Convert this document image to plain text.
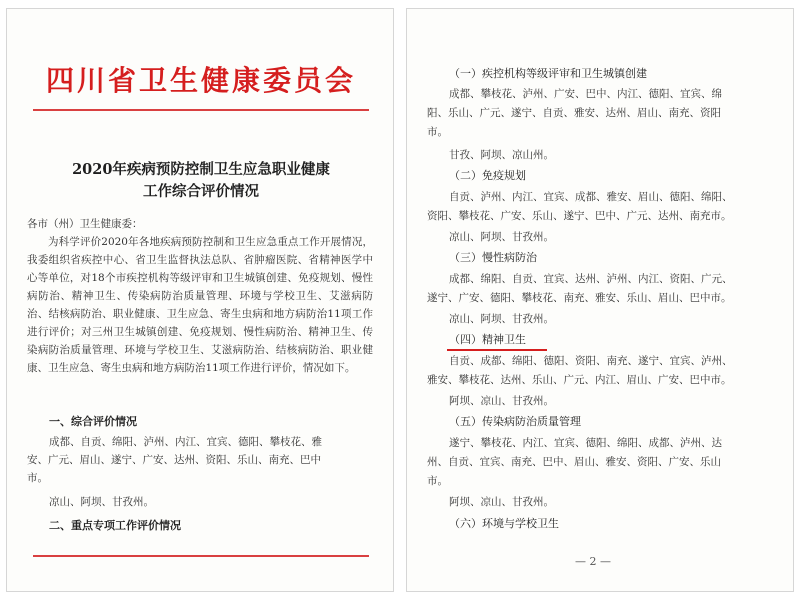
四川省卫生健康委员会
2020年疾病预防控制卫生应急职业健康
工作综合评价情况
各市（州）卫生健康委：
为科学评价2020年各地疾病预防控制和卫生应急重点工作开展情况，我委组织省疾控中心、省卫生监督执法总队、省肿瘤医院、省精神医学中心等单位，对18个市疾控机构等级评审和卫生城镇创建、免疫规划、慢性病防治、精神卫生、传染病防治质量管理、环境与学校卫生、艾滋病防治、结核病防治、职业健康、卫生应急、寄生虫病和地方病防治11项工作进行评价；对三州卫生城镇创建、免疫规划、慢性病防治、精神卫生、传染病防治质量管理、环境与学校卫生、艾滋病防治、结核病防治、职业健康、卫生应急、寄生虫病和地方病防治11项工作进行评价，情况如下。
一、综合评价情况
成都、自贡、绵阳、泸州、内江、宜宾、德阳、攀枝花、雅
安、广元、眉山、遂宁、广安、达州、资阳、乐山、南充、巴中
市。
凉山、阿坝、甘孜州。
二、重点专项工作评价情况
（一）疾控机构等级评审和卫生城镇创建
成都、攀枝花、泸州、广安、巴中、内江、德阳、宜宾、绵
阳、乐山、广元、遂宁、自贡、雅安、达州、眉山、南充、资阳
市。
甘孜、阿坝、凉山州。
（二）免疫规划
自贡、泸州、内江、宜宾、成都、雅安、眉山、德阳、绵阳、
资阳、攀枝花、广安、乐山、遂宁、巴中、广元、达州、南充市。
凉山、阿坝、甘孜州。
（三）慢性病防治
成都、绵阳、自贡、宜宾、达州、泸州、内江、资阳、广元、
遂宁、广安、德阳、攀枝花、南充、雅安、乐山、眉山、巴中市。
凉山、阿坝、甘孜州。
（四）精神卫生
自贡、成都、绵阳、德阳、资阳、南充、遂宁、宜宾、泸州、
雅安、攀枝花、达州、乐山、广元、内江、眉山、广安、巴中市。
阿坝、凉山、甘孜州。
（五）传染病防治质量管理
遂宁、攀枝花、内江、宜宾、德阳、绵阳、成都、泸州、达
州、自贡、宜宾、南充、巴中、眉山、雅安、资阳、广安、乐山
市。
阿坝、凉山、甘孜州。
（六）环境与学校卫生
— 2 —
